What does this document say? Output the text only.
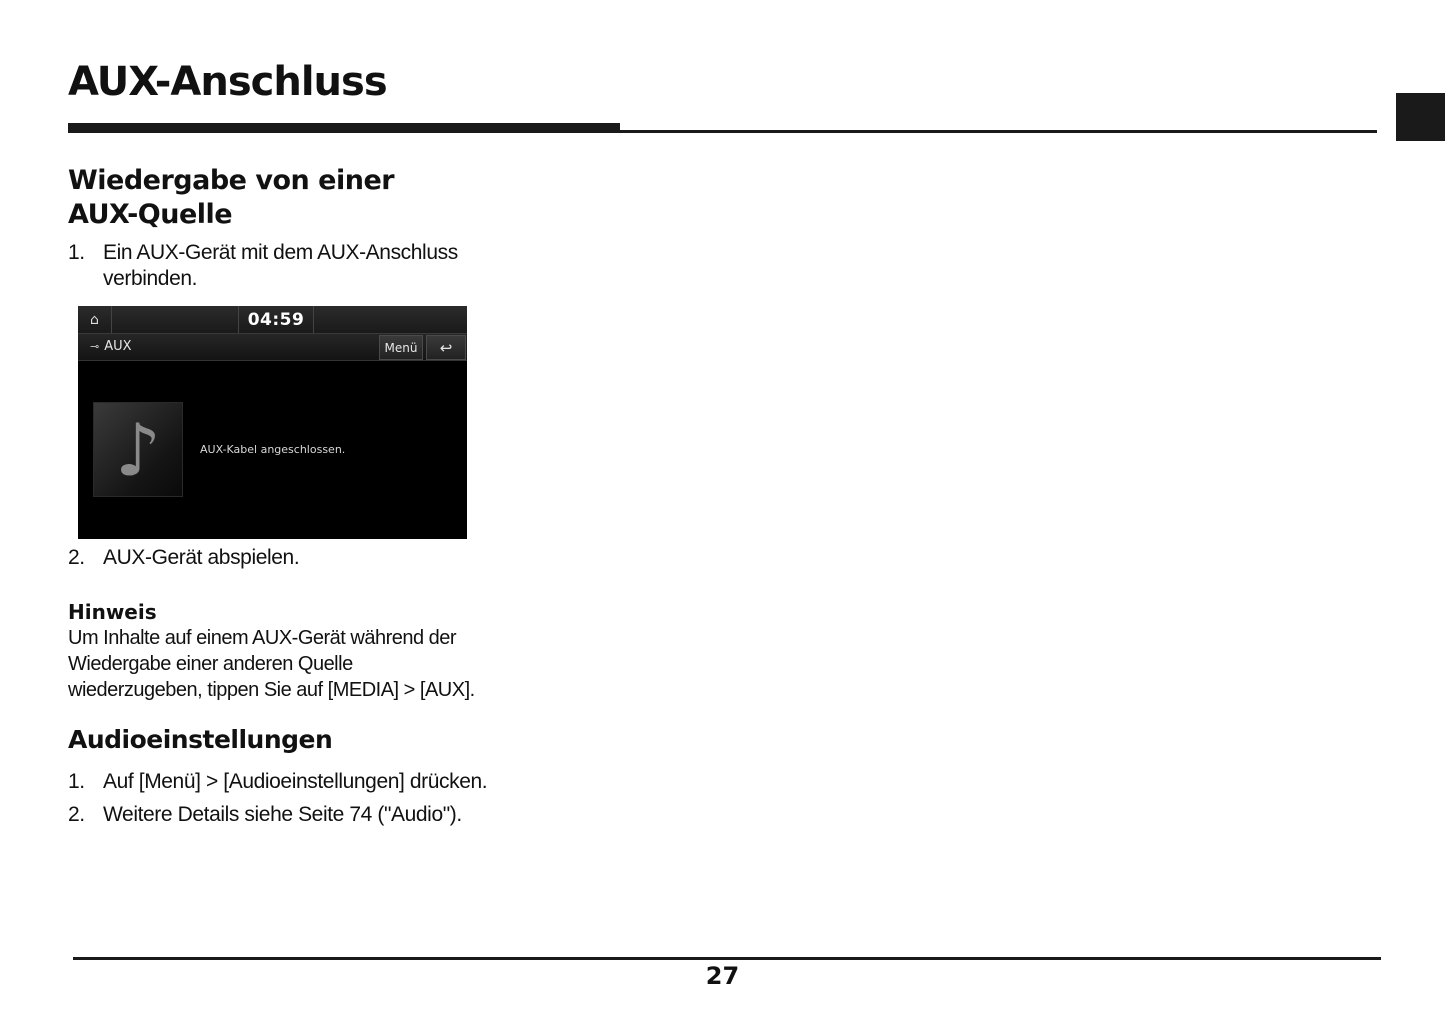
AUX-Anschluss
Wiedergabe von einer AUX-Quelle
1. Ein AUX-Gerät mit dem AUX-Anschluss verbinden.
⌂	04:59
⊸ AUX	Menü	↩
♪	AUX-Kabel angeschlossen.
2. AUX-Gerät abspielen.
Hinweis
Um Inhalte auf einem AUX-Gerät während der Wiedergabe einer anderen Quelle wiederzugeben, tippen Sie auf [MEDIA] > [AUX].
Audioeinstellungen
1. Auf [Menü] > [Audioeinstellungen] drücken.
2. Weitere Details siehe Seite 74 ("Audio").
27
